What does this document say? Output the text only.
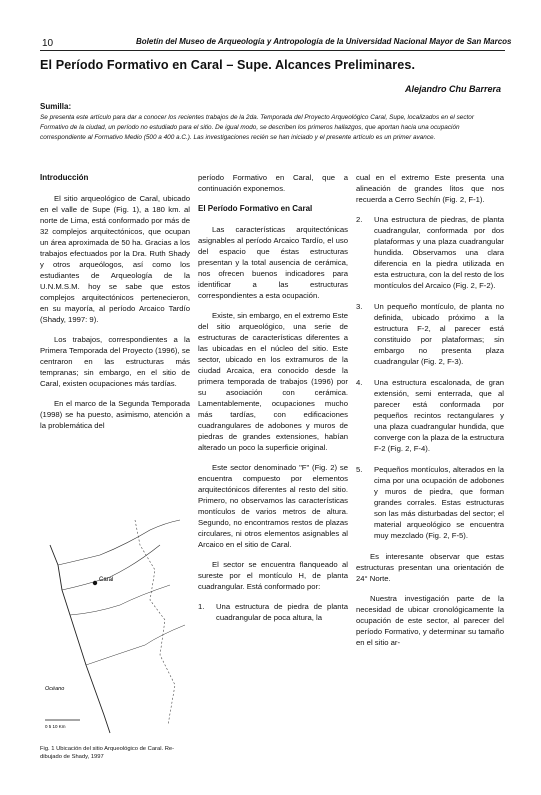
10	Boletín del Museo de Arqueología y Antropología de la Universidad Nacional Mayor de San Marcos
El Período Formativo en Caral – Supe. Alcances Preliminares.
Alejandro Chu Barrera
Sumilla:
Se presenta este artículo para dar a conocer los recientes trabajos de la 2da. Temporada del Proyecto Arqueológico Caral, Supe, localizados en el sector Formativo de la ciudad, un período no estudiado para el sitio. De igual modo, se describen los primeros hallazgos, que aportan hacia una ocupación correspondiente al Formativo Medio (500 a 400 a.C.). Las investigaciones recién se han iniciado y el presente artículo es un primer avance.
Introducción

El sitio arqueológico de Caral, ubicado en el valle de Supe (Fig. 1), a 180 km. al norte de Lima, está conformado por más de 32 complejos arquitectónicos, que ocupan un área aproximada de 50 ha. Gracias a los trabajos efectuados por la Dra. Ruth Shady y otros arqueólogos, así como los estudiantes de Arqueología de la U.N.M.S.M. hoy se sabe que estos complejos arquitectónicos pertenecieron, en su mayoría, al período Arcaico Tardío (Shady, 1997: 9).

Los trabajos, correspondientes a la Primera Temporada del Proyecto (1996), se centraron en las estructuras más tempranas; sin embargo, en el sitio de Caral, existen ocupaciones más tardías.

En el marco de la Segunda Temporada (1998) se ha puesto, asimismo, atención a la problemática del

Caral
Océano
0 5 10 Km
Fig. 1 Ubicación del sitio Arqueológico de Caral. Re-dibujado de Shady, 1997

período Formativo en Caral, que a continuación exponemos.

El Período Formativo en Caral

Las características arquitectónicas asignables al período Arcaico Tardío, el uso del espacio que éstas estructuras presentan y la total ausencia de cerámica, nos ofrecen buenos indicadores para identificar a las estructuras correspondientes a esta ocupación.

Existe, sin embargo, en el extremo Este del sitio arqueológico, una serie de estructuras de características diferentes a las ubicadas en el núcleo del sitio. Este sector, ubicado en los extramuros de la ciudad Arcaica, era conocido desde la primera temporada de trabajos (1996) por su asociación con cerámica. Lamentablemente, ocupaciones mucho más tardías, con edificaciones cuadrangulares de adobones y muros de piedras de grandes extensiones, habían alterado un poco la superficie original.

Este sector denominado "F" (Fig. 2) se encuentra compuesto por elementos arquitectónicos diferentes al resto del sitio. Primero, no observamos las características montículos de varios metros de altura. Segundo, no encontramos restos de plazas circulares, ni otros elementos asignables al Arcaico en el sitio de Caral.

El sector se encuentra flanqueado al sureste por el montículo H, de planta cuadrangular. Está conformado por:

1. Una estructura de piedra de planta cuadrangular de poca altura, la

cual en el extremo Este presenta una alineación de grandes litos que nos recuerda a Cerro Sechín (Fig. 2, F-1).

2. Una estructura de piedras, de planta cuadrangular, conformada por dos plataformas y una plaza cuadrangular hundida. Observamos una clara diferencia en la piedra utilizada en esta estructura, con la del resto de los montículos del Arcaico (Fig. 2, F-2).
3. Un pequeño montículo, de planta no definida, ubicado próximo a la estructura F-2, al parecer está constituido por plataformas; sin embargo no presenta plaza cuadrangular (Fig. 2, F-3).
4. Una estructura escalonada, de gran extensión, semi enterrada, que al parecer está conformada por pequeños recintos rectangulares y una plaza cuadrangular hundida, que converge con la plaza de la estructura F-2 (Fig. 2, F-4).
5. Pequeños montículos, alterados en la cima por una ocupación de adobones y muros de piedra, que forman grandes corrales. Estas estructuras son las más disturbadas del sector; el material arqueológico se encuentra muy mezclado (Fig. 2, F-5).

Es interesante observar que estas estructuras presentan una orientación de 24° Norte.

Nuestra investigación parte de la necesidad de ubicar cronológicamente la ocupación de este sector, al parecer del período Formativo, y determinar su tamaño en el sitio ar-
